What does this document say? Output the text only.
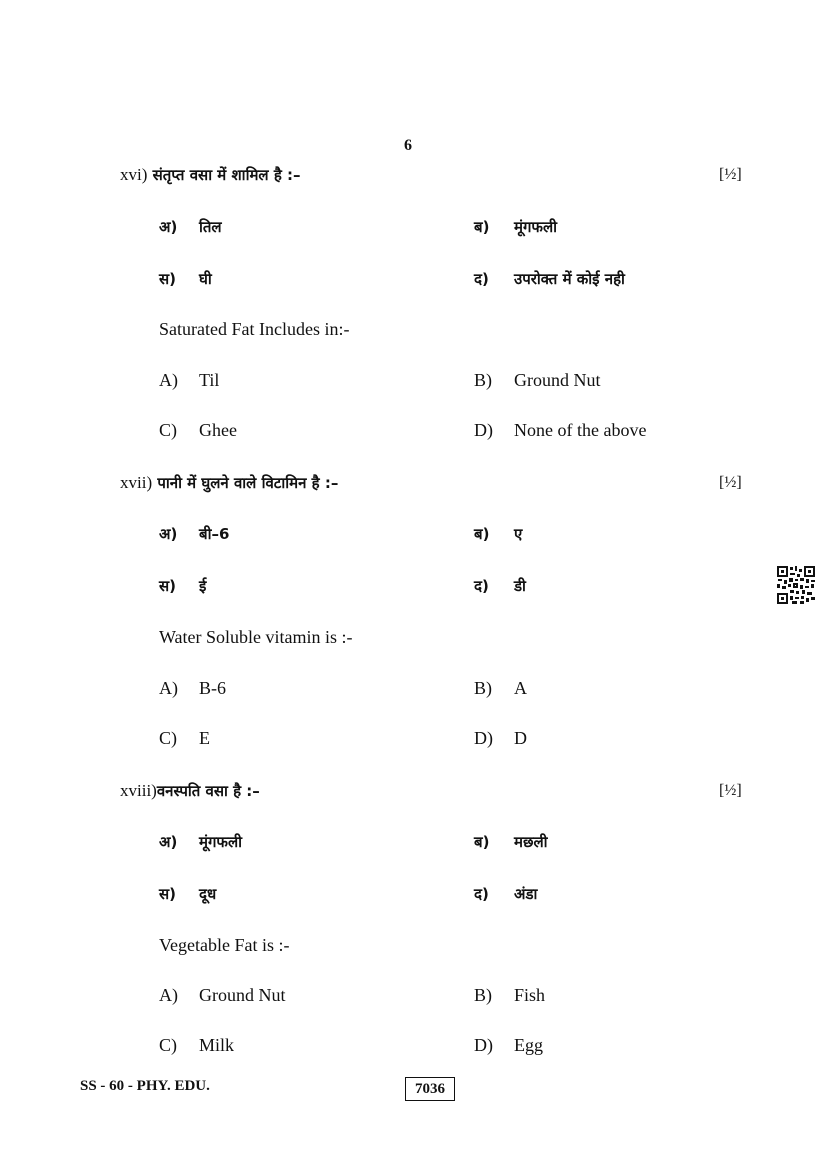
6
xvi) संतृप्त वसा में शामिल है :–	[½]
अ) तिल	ब) मूंगफली
स) घी	द) उपरोक्त में कोई नही
Saturated Fat Includes in:-
A) Til	B) Ground Nut
C) Ghee	D) None of the above
xvii) पानी में घुलने वाले विटामिन है :–	[½]
अ) बी–6	ब) ए
स) ई	द) डी
Water Soluble vitamin is :-
A) B-6	B) A
C) E	D) D
xviii)वनस्पति वसा है :–	[½]
अ) मूंगफली	ब) मछली
स) दूध	द) अंडा
Vegetable Fat is :-
A) Ground Nut	B) Fish
C) Milk	D) Egg
SS - 60 - PHY. EDU.	7036
